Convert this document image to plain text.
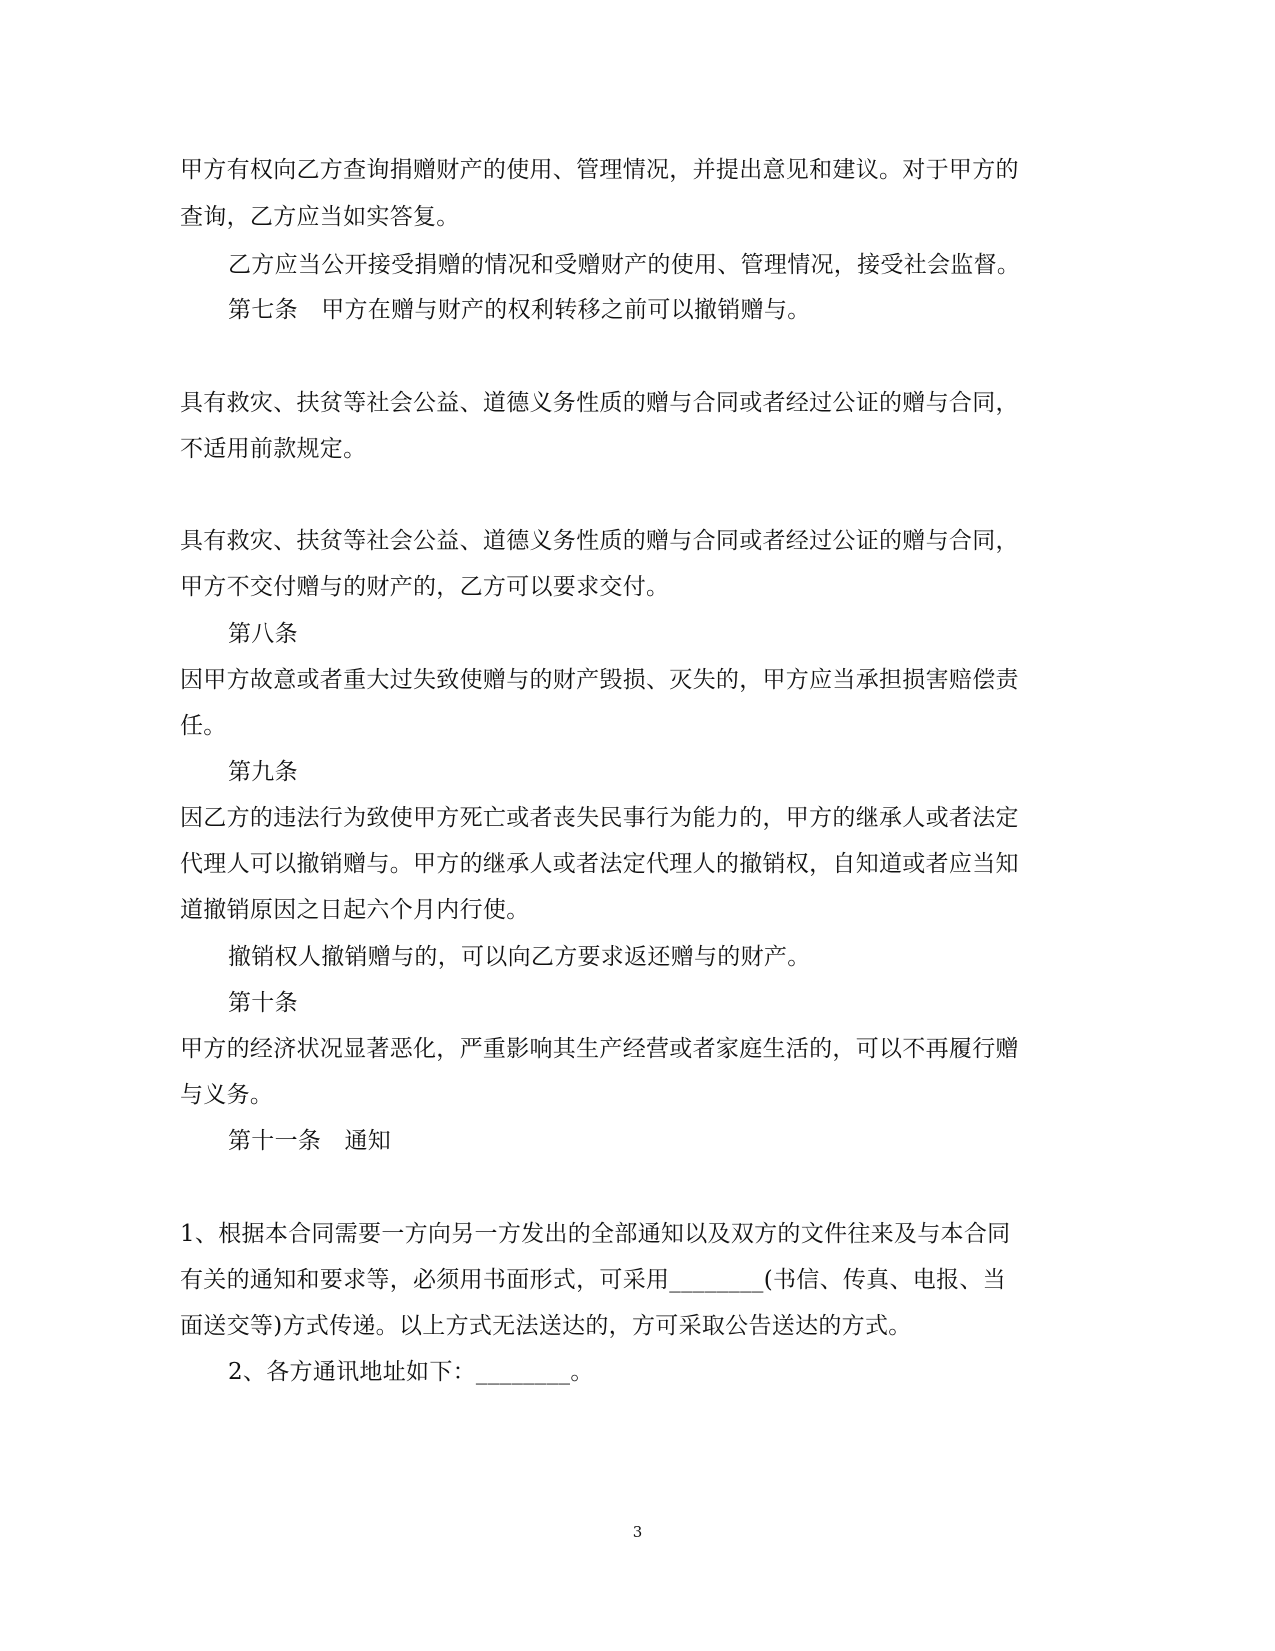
甲方有权向乙方查询捐赠财产的使用、管理情况，并提出意见和建议。对于甲方的
查询，乙方应当如实答复。
乙方应当公开接受捐赠的情况和受赠财产的使用、管理情况，接受社会监督。
第七条　甲方在赠与财产的权利转移之前可以撤销赠与。
具有救灾、扶贫等社会公益、道德义务性质的赠与合同或者经过公证的赠与合同，
不适用前款规定。
具有救灾、扶贫等社会公益、道德义务性质的赠与合同或者经过公证的赠与合同，
甲方不交付赠与的财产的，乙方可以要求交付。
第八条
因甲方故意或者重大过失致使赠与的财产毁损、灭失的，甲方应当承担损害赔偿责
任。
第九条
因乙方的违法行为致使甲方死亡或者丧失民事行为能力的，甲方的继承人或者法定
代理人可以撤销赠与。甲方的继承人或者法定代理人的撤销权，自知道或者应当知
道撤销原因之日起六个月内行使。
撤销权人撤销赠与的，可以向乙方要求返还赠与的财产。
第十条
甲方的经济状况显著恶化，严重影响其生产经营或者家庭生活的，可以不再履行赠
与义务。
第十一条　通知
1、根据本合同需要一方向另一方发出的全部通知以及双方的文件往来及与本合同
有关的通知和要求等，必须用书面形式，可采用________(书信、传真、电报、当
面送交等)方式传递。以上方式无法送达的，方可采取公告送达的方式。
2、各方通讯地址如下：________。
3
